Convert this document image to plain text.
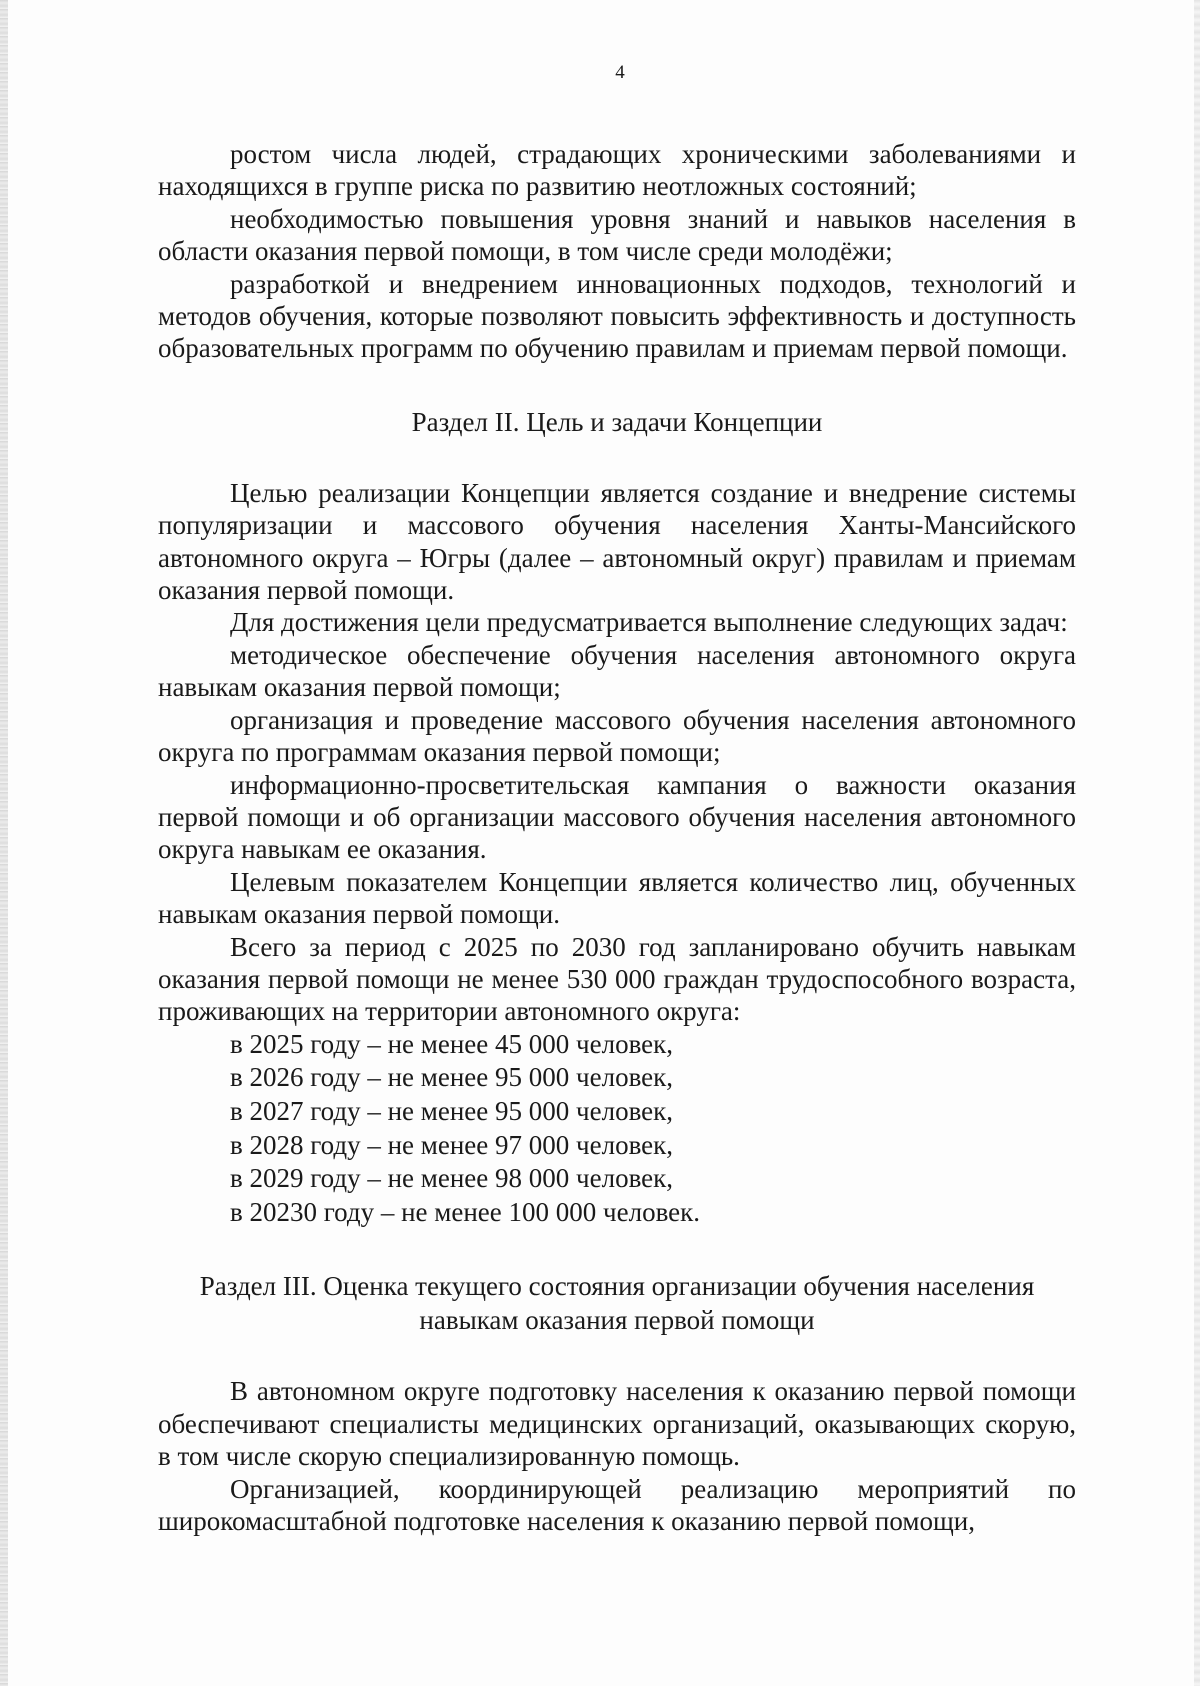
4

ростом числа людей, страдающих хроническими заболеваниями и находящихся в группе риска по развитию неотложных состояний;

необходимостью повышения уровня знаний и навыков населения в области оказания первой помощи, в том числе среди молодёжи;

разработкой и внедрением инновационных подходов, технологий и методов обучения, которые позволяют повысить эффективность и доступность образовательных программ по обучению правилам и приемам первой помощи.

Раздел II. Цель и задачи Концепции

Целью реализации Концепции является создание и внедрение системы популяризации и массового обучения населения Ханты-Мансийского автономного округа – Югры (далее – автономный округ) правилам и приемам оказания первой помощи.

Для достижения цели предусматривается выполнение следующих задач:

методическое обеспечение обучения населения автономного округа навыкам оказания первой помощи;

организация и проведение массового обучения населения автономного округа по программам оказания первой помощи;

информационно-просветительская кампания о важности оказания первой помощи и об организации массового обучения населения автономного округа навыкам ее оказания.

Целевым показателем Концепции является количество лиц, обученных навыкам оказания первой помощи.

Всего за период с 2025 по 2030 год запланировано обучить навыкам оказания первой помощи не менее 530 000 граждан трудоспособного возраста, проживающих на территории автономного округа:

в 2025 году – не менее 45 000 человек,
в 2026 году – не менее 95 000 человек,
в 2027 году – не менее 95 000 человек,
в 2028 году – не менее 97 000 человек,
в 2029 году – не менее 98 000 человек,
в 20230 году – не менее 100 000 человек.
Раздел III. Оценка текущего состояния организации обучения населения
навыкам оказания первой помощи

В автономном округе подготовку населения к оказанию первой помощи обеспечивают специалисты медицинских организаций, оказывающих скорую, в том числе скорую специализированную помощь.

Организацией, координирующей реализацию мероприятий по широкомасштабной подготовке населения к оказанию первой помощи,
